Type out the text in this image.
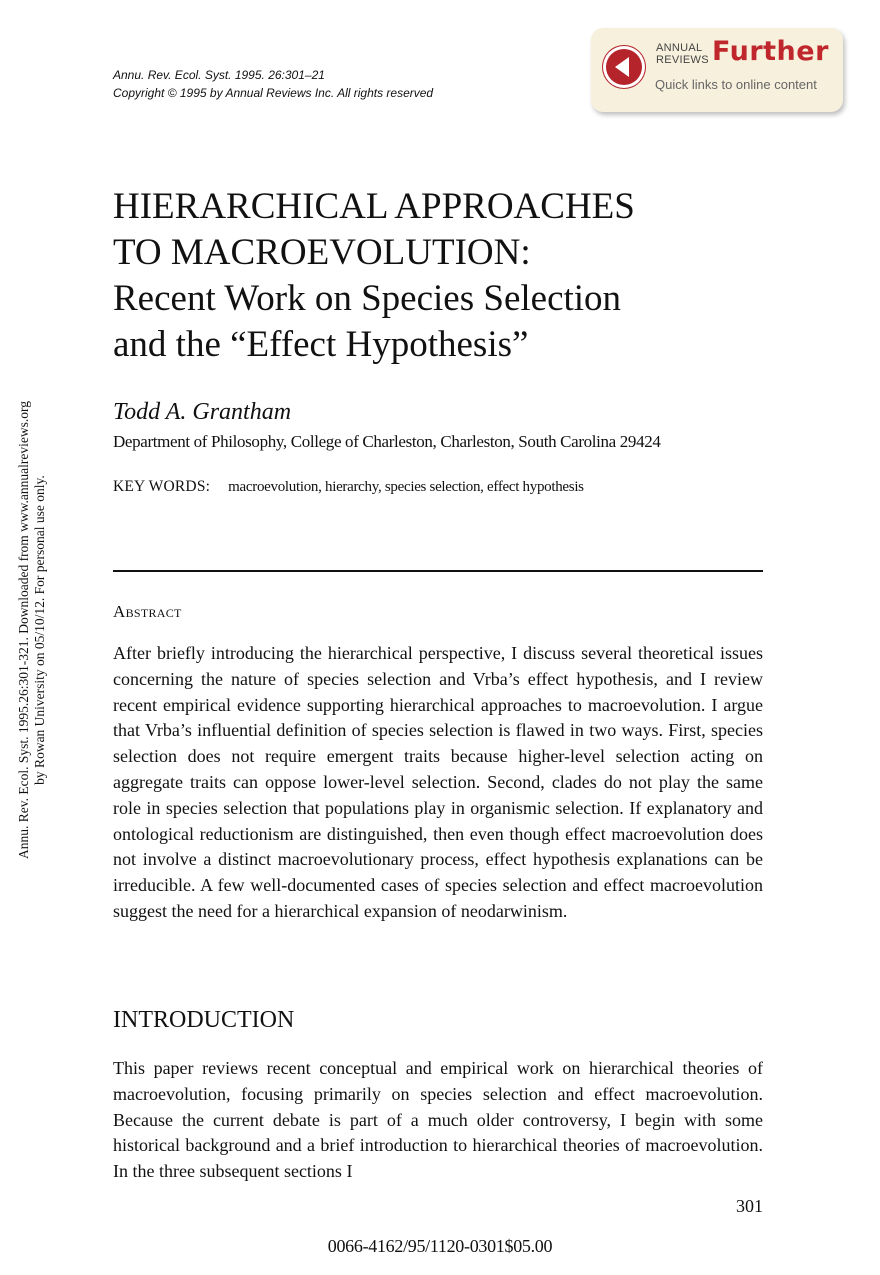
Annu. Rev. Ecol. Syst. 1995. 26:301–21
Copyright © 1995 by Annual Reviews Inc. All rights reserved
ANNUAL
REVIEWS Further
Quick links to online content
Annu. Rev. Ecol. Syst. 1995.26:301-321. Downloaded from www.annualreviews.org by Rowan University on 05/10/12. For personal use only.
HIERARCHICAL APPROACHES
TO MACROEVOLUTION:
Recent Work on Species Selection
and the “Effect Hypothesis”
Todd A. Grantham
Department of Philosophy, College of Charleston, Charleston, South Carolina 29424
KEY WORDS: macroevolution, hierarchy, species selection, effect hypothesis
Abstract

After briefly introducing the hierarchical perspective, I discuss several theoretical issues concerning the nature of species selection and Vrba’s effect hypothesis, and I review recent empirical evidence supporting hierarchical approaches to macroevolution. I argue that Vrba’s influential definition of species selection is flawed in two ways. First, species selection does not require emergent traits because higher-level selection acting on aggregate traits can oppose lower-level selection. Second, clades do not play the same role in species selection that populations play in organismic selection. If explanatory and ontological reductionism are distinguished, then even though effect macroevolution does not involve a distinct macroevolutionary process, effect hypothesis explanations can be irreducible. A few well-documented cases of species selection and effect macroevolution suggest the need for a hierarchical expansion of neodarwinism.

INTRODUCTION

This paper reviews recent conceptual and empirical work on hierarchical theories of macroevolution, focusing primarily on species selection and effect macroevolution. Because the current debate is part of a much older controversy, I begin with some historical background and a brief introduction to hierarchical theories of macroevolution. In the three subsequent sections I

301
0066-4162/95/1120-0301$05.00
